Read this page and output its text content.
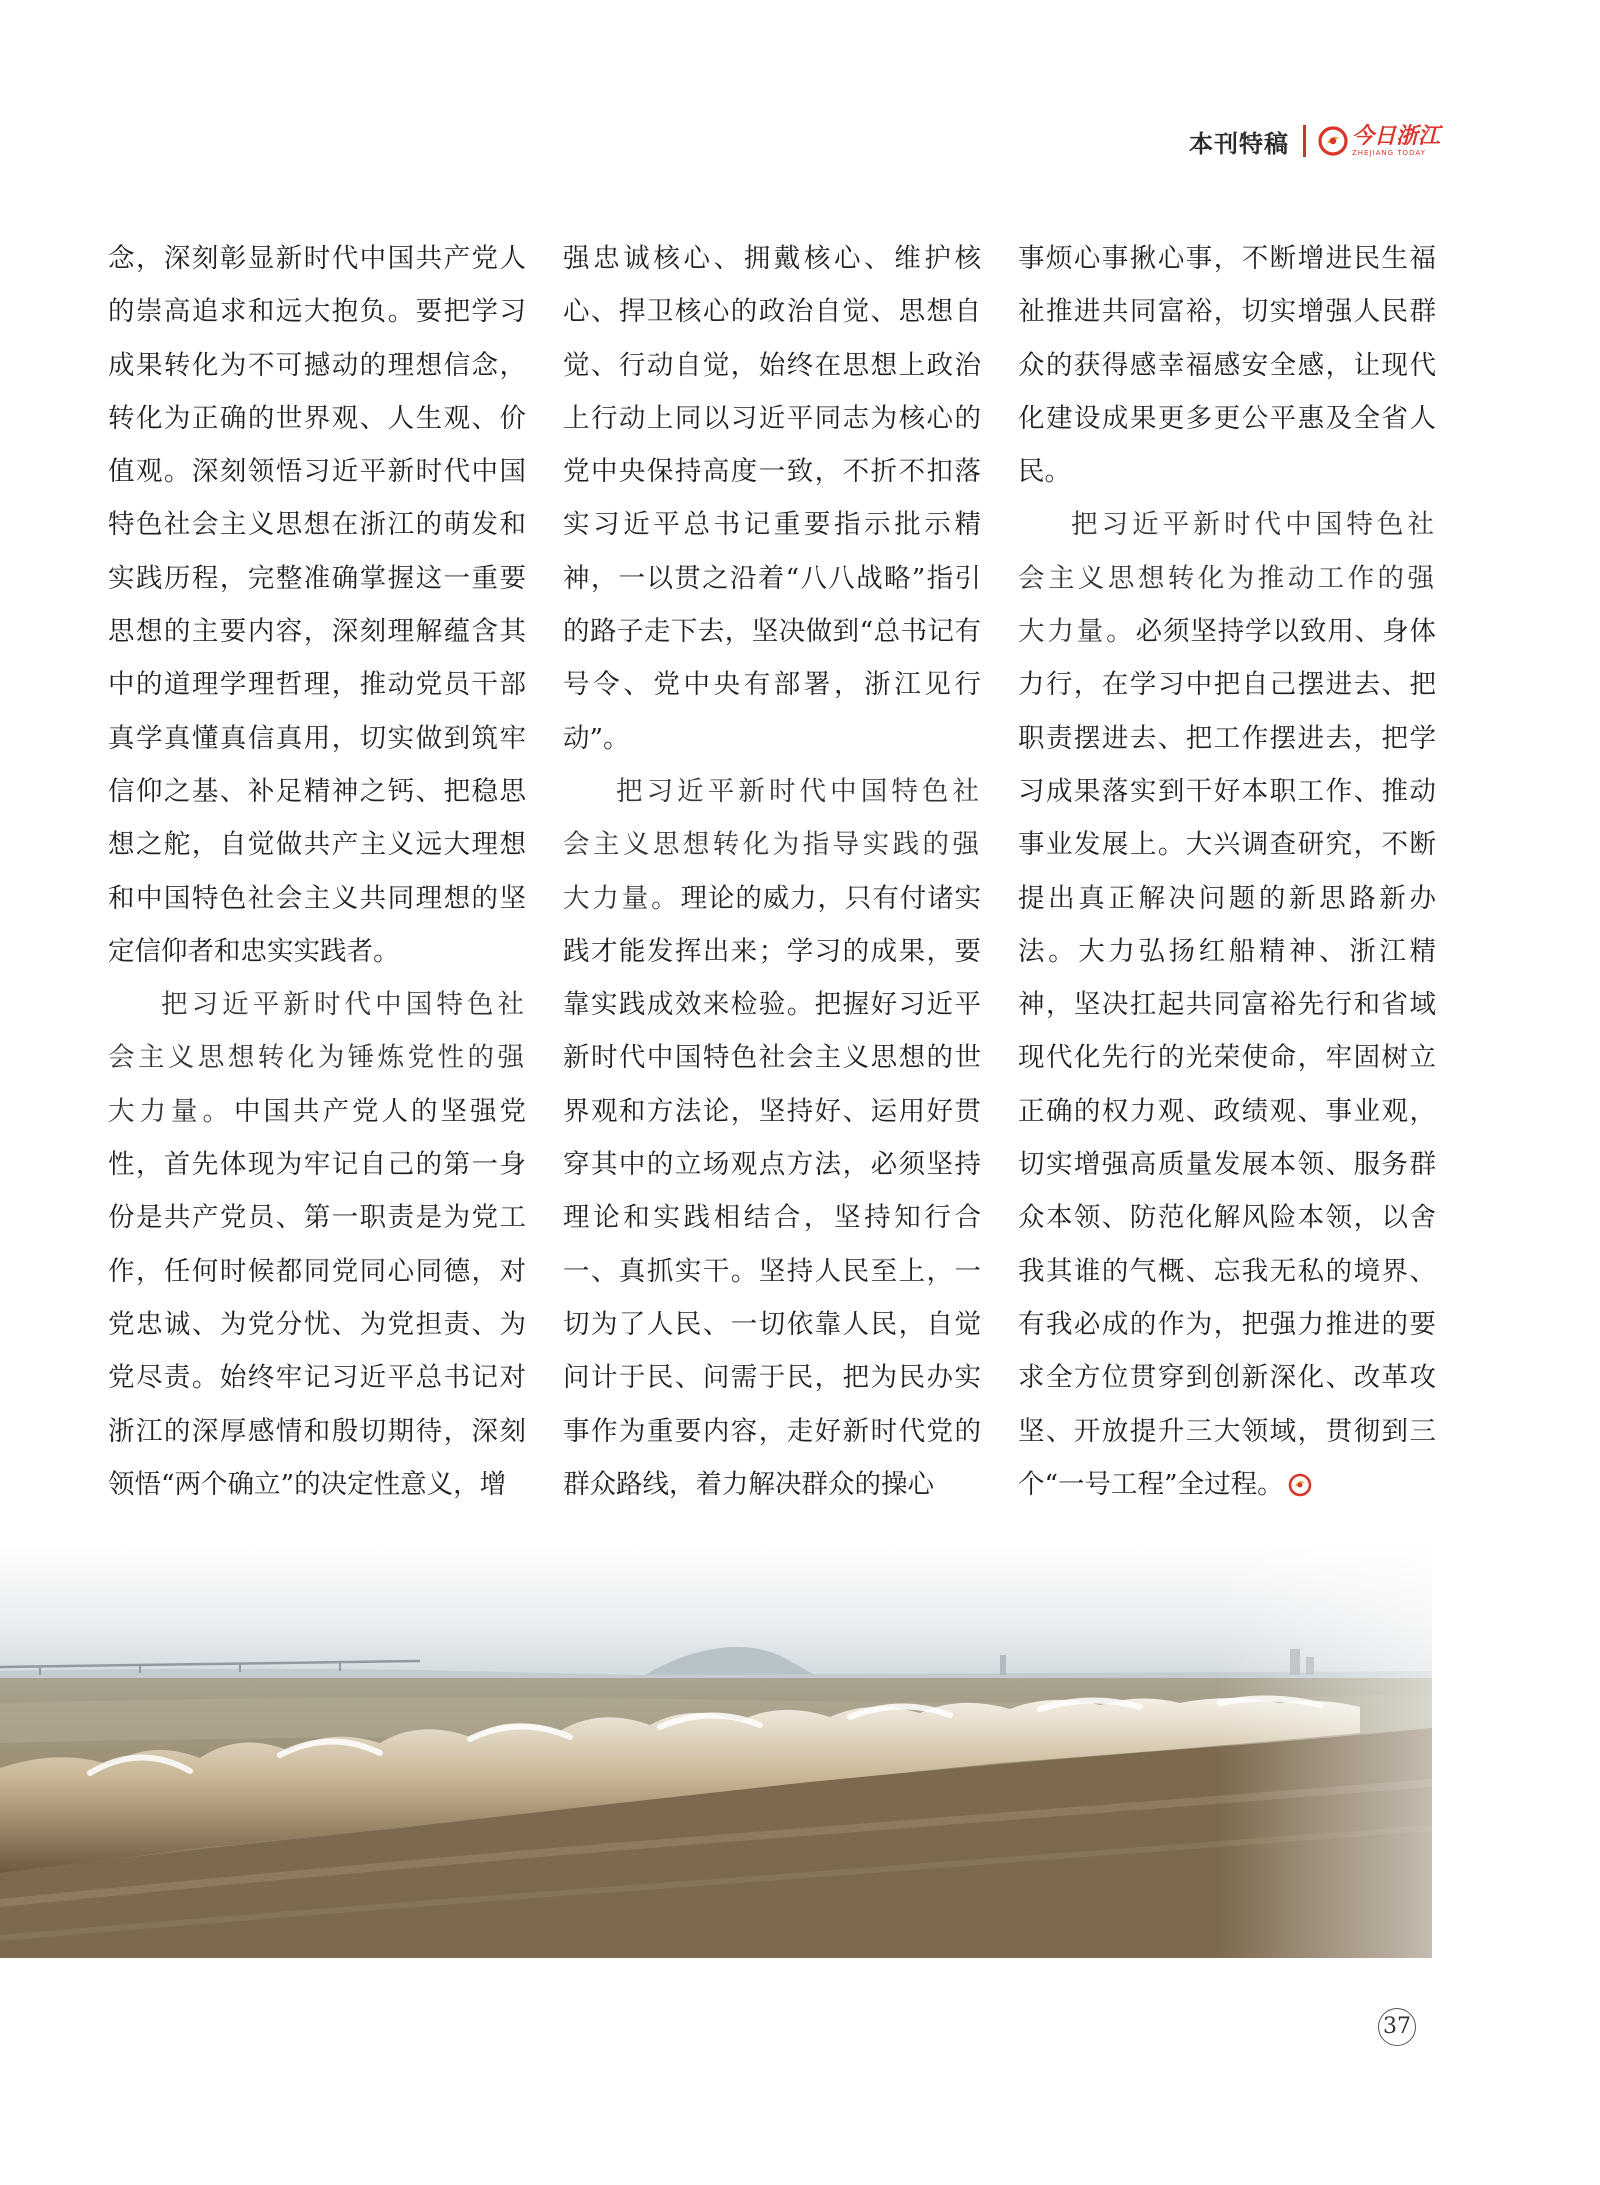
本刊特稿	今日浙江
ZHEJIANG TODAY

念，深刻彰显新时代中国共产党人的崇高追求和远大抱负。要把学习成果转化为不可撼动的理想信念，转化为正确的世界观、人生观、价值观。深刻领悟习近平新时代中国特色社会主义思想在浙江的萌发和实践历程，完整准确掌握这一重要思想的主要内容，深刻理解蕴含其中的道理学理哲理，推动党员干部真学真懂真信真用，切实做到筑牢信仰之基、补足精神之钙、把稳思想之舵，自觉做共产主义远大理想和中国特色社会主义共同理想的坚定信仰者和忠实实践者。

把习近平新时代中国特色社会主义思想转化为锤炼党性的强大力量。中国共产党人的坚强党性，首先体现为牢记自己的第一身份是共产党员、第一职责是为党工作，任何时候都同党同心同德，对党忠诚、为党分忧、为党担责、为党尽责。始终牢记习近平总书记对浙江的深厚感情和殷切期待，深刻领悟“两个确立”的决定性意义，增

强忠诚核心、拥戴核心、维护核心、捍卫核心的政治自觉、思想自觉、行动自觉，始终在思想上政治上行动上同以习近平同志为核心的党中央保持高度一致，不折不扣落实习近平总书记重要指示批示精神，一以贯之沿着“八八战略”指引的路子走下去，坚决做到“总书记有号令、党中央有部署，浙江见行动”。

把习近平新时代中国特色社会主义思想转化为指导实践的强大力量。理论的威力，只有付诸实践才能发挥出来；学习的成果，要靠实践成效来检验。把握好习近平新时代中国特色社会主义思想的世界观和方法论，坚持好、运用好贯穿其中的立场观点方法，必须坚持理论和实践相结合，坚持知行合一、真抓实干。坚持人民至上，一切为了人民、一切依靠人民，自觉问计于民、问需于民，把为民办实事作为重要内容，走好新时代党的群众路线，着力解决群众的操心

事烦心事揪心事，不断增进民生福祉推进共同富裕，切实增强人民群众的获得感幸福感安全感，让现代化建设成果更多更公平惠及全省人民。

把习近平新时代中国特色社会主义思想转化为推动工作的强大力量。必须坚持学以致用、身体力行，在学习中把自己摆进去、把职责摆进去、把工作摆进去，把学习成果落实到干好本职工作、推动事业发展上。大兴调查研究，不断提出真正解决问题的新思路新办法。大力弘扬红船精神、浙江精神，坚决扛起共同富裕先行和省域现代化先行的光荣使命，牢固树立正确的权力观、政绩观、事业观，切实增强高质量发展本领、服务群众本领、防范化解风险本领，以舍我其谁的气概、忘我无私的境界、有我必成的作为，把强力推进的要求全方位贯穿到创新深化、改革攻坚、开放提升三大领域，贯彻到三个“一号工程”全过程。

37
